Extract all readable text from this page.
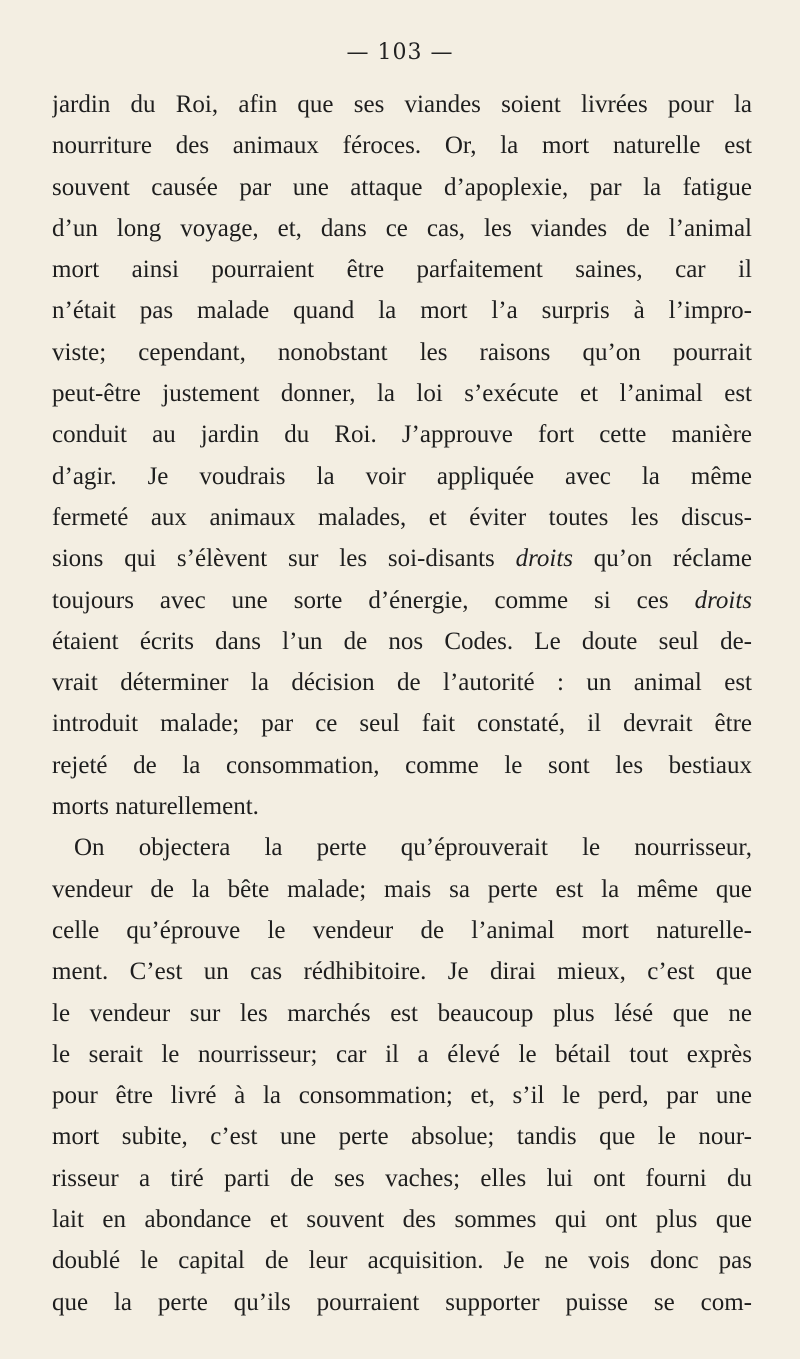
— 103 —
jardin du Roi, afin que ses viandes soient livrées pour la
nourriture des animaux féroces. Or, la mort naturelle est
souvent causée par une attaque d’apoplexie, par la fatigue
d’un long voyage, et, dans ce cas, les viandes de l’animal
mort ainsi pourraient être parfaitement saines, car il
n’était pas malade quand la mort l’a surpris à l’impro-
viste; cependant, nonobstant les raisons qu’on pourrait
peut-être justement donner, la loi s’exécute et l’animal est
conduit au jardin du Roi. J’approuve fort cette manière
d’agir. Je voudrais la voir appliquée avec la même
fermeté aux animaux malades, et éviter toutes les discus-
sions qui s’élèvent sur les soi-disants droits qu’on réclame
toujours avec une sorte d’énergie, comme si ces droits
étaient écrits dans l’un de nos Codes. Le doute seul de-
vrait déterminer la décision de l’autorité : un animal est
introduit malade; par ce seul fait constaté, il devrait être
rejeté de la consommation, comme le sont les bestiaux
morts naturellement.
On objectera la perte qu’éprouverait le nourrisseur,
vendeur de la bête malade; mais sa perte est la même que
celle qu’éprouve le vendeur de l’animal mort naturelle-
ment. C’est un cas rédhibitoire. Je dirai mieux, c’est que
le vendeur sur les marchés est beaucoup plus lésé que ne
le serait le nourrisseur; car il a élevé le bétail tout exprès
pour être livré à la consommation; et, s’il le perd, par une
mort subite, c’est une perte absolue; tandis que le nour-
risseur a tiré parti de ses vaches; elles lui ont fourni du
lait en abondance et souvent des sommes qui ont plus que
doublé le capital de leur acquisition. Je ne vois donc pas
que la perte qu’ils pourraient supporter puisse se com-
